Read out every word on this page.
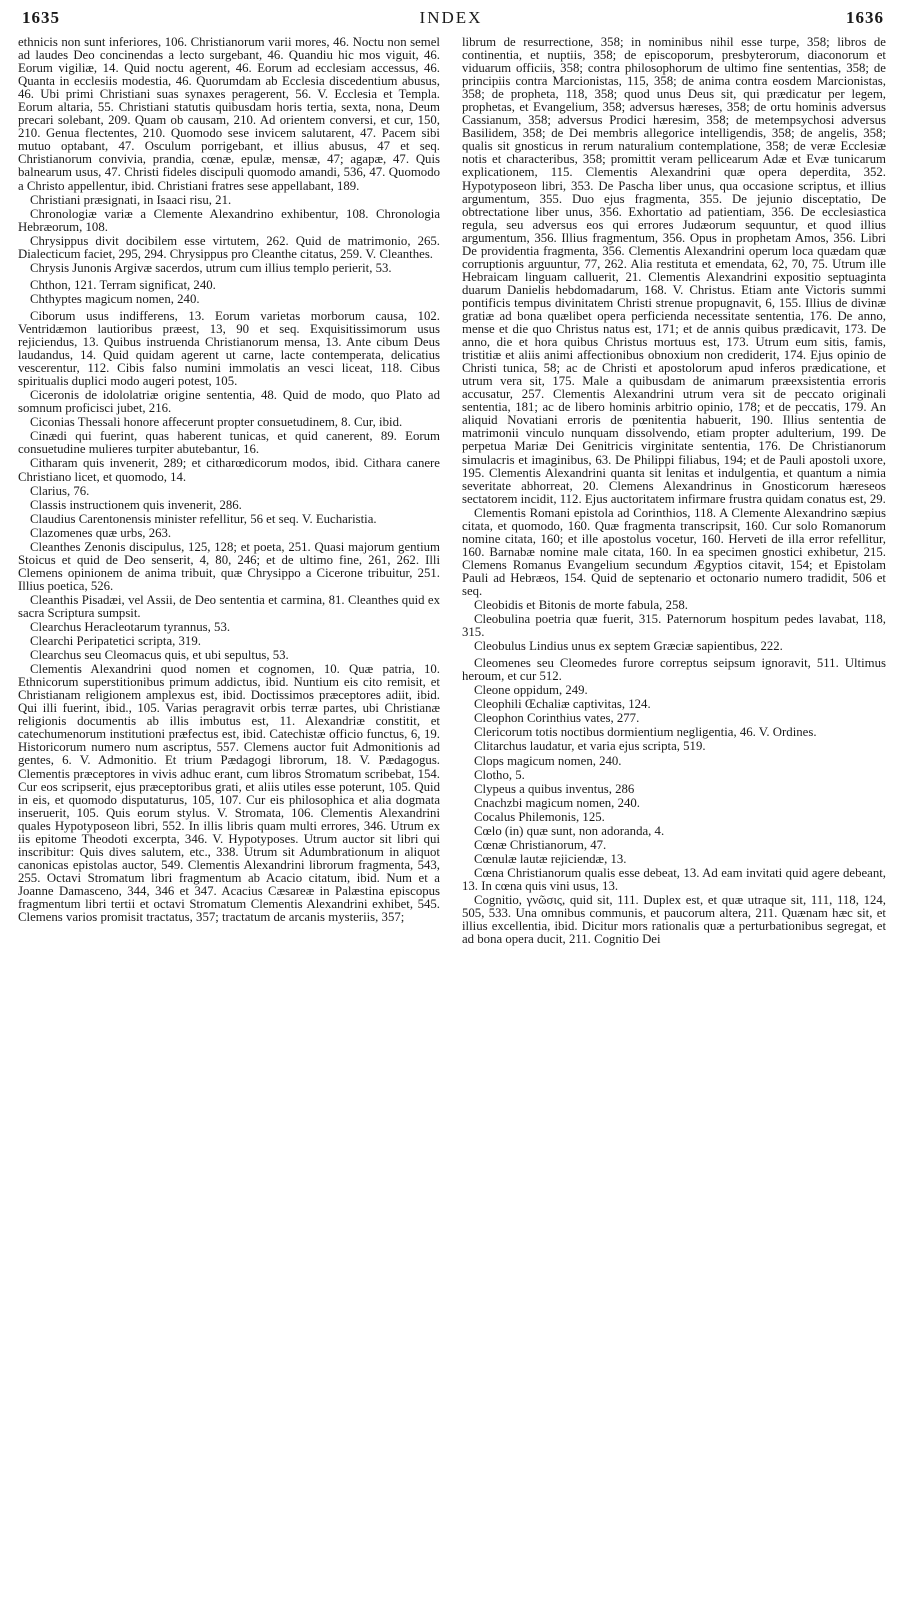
1635	INDEX	1636

ethnicis non sunt inferiores, 106. Christianorum varii mores, 46. Noctu non semel ad laudes Deo concinendas a lecto surgebant, 46. Quandiu hic mos viguit, 46. Eorum vigiliæ, 14. Quid noctu agerent, 46. Eorum ad ecclesiam accessus, 46. Quanta in ecclesiis modestia, 46. Quorumdam ab Ecclesia discedentium abusus, 46. Ubi primi Christiani suas synaxes peragerent, 56. V. Ecclesia et Templa. Eorum altaria, 55. Christiani statutis quibusdam horis tertia, sexta, nona, Deum precari solebant, 209. Quam ob causam, 210. Ad orientem conversi, et cur, 150, 210. Genua flectentes, 210. Quomodo sese invicem salutarent, 47. Pacem sibi mutuo optabant, 47. Osculum porrigebant, et illius abusus, 47 et seq. Christianorum convivia, prandia, cœnæ, epulæ, mensæ, 47; agapæ, 47. Quis balnearum usus, 47. Christi fideles discipuli quomodo amandi, 536, 47. Quomodo a Christo appellentur, ibid. Christiani fratres sese appellabant, 189.

Christiani præsignati, in Isaaci risu, 21.

Chronologiæ variæ a Clemente Alexandrino exhibentur, 108. Chronologia Hebræorum, 108.

Chrysippus divit docibilem esse virtutem, 262. Quid de matrimonio, 265. Dialecticum faciet, 295, 294. Chrysippus pro Cleanthe citatus, 259. V. Cleanthes.

Chrysis Junonis Argivæ sacerdos, utrum cum illius templo perierit, 53.

Chthon, 121. Terram significat, 240.

Chthyptes magicum nomen, 240.

Ciborum usus indifferens, 13. Eorum varietas morborum causa, 102. Ventridæmon lautioribus præest, 13, 90 et seq. Exquisitissimorum usus rejiciendus, 13. Quibus instruenda Christianorum mensa, 13. Ante cibum Deus laudandus, 14. Quid quidam agerent ut carne, lacte contemperata, delicatius vescerentur, 112. Cibis falso numini immolatis an vesci liceat, 118. Cibus spiritualis duplici modo augeri potest, 105.

Ciceronis de idololatriæ origine sententia, 48. Quid de modo, quo Plato ad somnum proficisci jubet, 216.

Ciconias Thessali honore affecerunt propter consuetudinem, 8. Cur, ibid.

Cinædi qui fuerint, quas haberent tunicas, et quid canerent, 89. Eorum consuetudine mulieres turpiter abutebantur, 16.

Citharam quis invenerit, 289; et citharœdicorum modos, ibid. Cithara canere Christiano licet, et quomodo, 14.

Clarius, 76.

Classis instructionem quis invenerit, 286.

Claudius Carentonensis minister refellitur, 56 et seq. V. Eucharistia.

Clazomenes quæ urbs, 263.

Cleanthes Zenonis discipulus, 125, 128; et poeta, 251. Quasi majorum gentium Stoicus et quid de Deo senserit, 4, 80, 246; et de ultimo fine, 261, 262. Illi Clemens opinionem de anima tribuit, quæ Chrysippo a Cicerone tribuitur, 251. Illius poetica, 526.

Cleanthis Pisadæi, vel Assii, de Deo sententia et carmina, 81. Cleanthes quid ex sacra Scriptura sumpsit.

Clearchus Heracleotarum tyrannus, 53.

Clearchi Peripatetici scripta, 319.

Clearchus seu Cleomacus quis, et ubi sepultus, 53.

Clementis Alexandrini quod nomen et cognomen, 10. Quæ patria, 10. Ethnicorum superstitionibus primum addictus, ibid. Nuntium eis cito remisit, et Christianam religionem amplexus est, ibid. Doctissimos præceptores adiit, ibid. Qui illi fuerint, ibid., 105. Varias peragravit orbis terræ partes, ubi Christianæ religionis documentis ab illis imbutus est, 11. Alexandriæ constitit, et catechumenorum institutioni præfectus est, ibid. Catechistæ officio functus, 6, 19. Historicorum numero num ascriptus, 557. Clemens auctor fuit Admonitionis ad gentes, 6. V. Admonitio. Et trium Pædagogi librorum, 18. V. Pædagogus. Clementis præceptores in vivis adhuc erant, cum libros Stromatum scribebat, 154. Cur eos scripserit, ejus præceptoribus grati, et aliis utiles esse poterunt, 105. Quid in eis, et quomodo disputaturus, 105, 107. Cur eis philosophica et alia dogmata inseruerit, 105. Quis eorum stylus. V. Stromata, 106. Clementis Alexandrini quales Hypotyposeon libri, 552. In illis libris quam multi errores, 346. Utrum ex iis epitome Theodoti excerpta, 346. V. Hypotyposes. Utrum auctor sit libri qui inscribitur: Quis dives salutem, etc., 338. Utrum sit Adumbrationum in aliquot canonicas epistolas auctor, 549. Clementis Alexandrini librorum fragmenta, 543, 255. Octavi Stromatum libri fragmentum ab Acacio citatum, ibid. Num et a Joanne Damasceno, 344, 346 et 347. Acacius Cæsareæ in Palæstina episcopus fragmentum libri tertii et octavi Stromatum Clementis Alexandrini exhibet, 545. Clemens varios promisit tractatus, 357; tractatum de arcanis mysteriis, 357;

librum de resurrectione, 358; in nominibus nihil esse turpe, 358; libros de continentia, et nuptiis, 358; de episcoporum, presbyterorum, diaconorum et viduarum officiis, 358; contra philosophorum de ultimo fine sententias, 358; de principiis contra Marcionistas, 115, 358; de anima contra eosdem Marcionistas, 358; de propheta, 118, 358; quod unus Deus sit, qui prædicatur per legem, prophetas, et Evangelium, 358; adversus hæreses, 358; de ortu hominis adversus Cassianum, 358; adversus Prodici hæresim, 358; de metempsychosi adversus Basilidem, 358; de Dei membris allegorice intelligendis, 358; de angelis, 358; qualis sit gnosticus in rerum naturalium contemplatione, 358; de veræ Ecclesiæ notis et characteribus, 358; promittit veram pellicearum Adæ et Evæ tunicarum explicationem, 115. Clementis Alexandrini quæ opera deperdita, 352. Hypotyposeon libri, 353. De Pascha liber unus, qua occasione scriptus, et illius argumentum, 355. Duo ejus fragmenta, 355. De jejunio disceptatio, De obtrectatione liber unus, 356. Exhortatio ad patientiam, 356. De ecclesiastica regula, seu adversus eos qui errores Judæorum sequuntur, et quod illius argumentum, 356. Illius fragmentum, 356. Opus in prophetam Amos, 356. Libri De providentia fragmenta, 356. Clementis Alexandrini operum loca quædam quæ corruptionis arguuntur, 77, 262. Alia restituta et emendata, 62, 70, 75. Utrum ille Hebraicam linguam calluerit, 21. Clementis Alexandrini expositio septuaginta duarum Danielis hebdomadarum, 168. V. Christus. Etiam ante Victoris summi pontificis tempus divinitatem Christi strenue propugnavit, 6, 155. Illius de divinæ gratiæ ad bona quælibet opera perficienda necessitate sententia, 176. De anno, mense et die quo Christus natus est, 171; et de annis quibus prædicavit, 173. De anno, die et hora quibus Christus mortuus est, 173. Utrum eum sitis, famis, tristitiæ et aliis animi affectionibus obnoxium non crediderit, 174. Ejus opinio de Christi tunica, 58; ac de Christi et apostolorum apud inferos prædicatione, et utrum vera sit, 175. Male a quibusdam de animarum præexsistentia erroris accusatur, 257. Clementis Alexandrini utrum vera sit de peccato originali sententia, 181; ac de libero hominis arbitrio opinio, 178; et de peccatis, 179. An aliquid Novatiani erroris de pœnitentia habuerit, 190. Illius sententia de matrimonii vinculo nunquam dissolvendo, etiam propter adulterium, 199. De perpetua Mariæ Dei Genitricis virginitate sententia, 176. De Christianorum simulacris et imaginibus, 63. De Philippi filiabus, 194; et de Pauli apostoli uxore, 195. Clementis Alexandrini quanta sit lenitas et indulgentia, et quantum a nimia severitate abhorreat, 20. Clemens Alexandrinus in Gnosticorum hæreseos sectatorem incidit, 112. Ejus auctoritatem infirmare frustra quidam conatus est, 29.

Clementis Romani epistola ad Corinthios, 118. A Clemente Alexandrino sæpius citata, et quomodo, 160. Quæ fragmenta transcripsit, 160. Cur solo Romanorum nomine citata, 160; et ille apostolus vocetur, 160. Herveti de illa error refellitur, 160. Barnabæ nomine male citata, 160. In ea specimen gnostici exhibetur, 215. Clemens Romanus Evangelium secundum Ægyptios citavit, 154; et Epistolam Pauli ad Hebræos, 154. Quid de septenario et octonario numero tradidit, 506 et seq.

Cleobidis et Bitonis de morte fabula, 258.

Cleobulina poetria quæ fuerit, 315. Paternorum hospitum pedes lavabat, 118, 315.

Cleobulus Lindius unus ex septem Græciæ sapientibus, 222.

Cleomenes seu Cleomedes furore correptus seipsum ignoravit, 511. Ultimus heroum, et cur 512.

Cleone oppidum, 249.

Cleophili Œchaliæ captivitas, 124.

Cleophon Corinthius vates, 277.

Clericorum totis noctibus dormientium negligentia, 46. V. Ordines.

Clitarchus laudatur, et varia ejus scripta, 519.

Clops magicum nomen, 240.

Clotho, 5.

Clypeus a quibus inventus, 286

Cnachzbi magicum nomen, 240.

Cocalus Philemonis, 125.

Cœlo (in) quæ sunt, non adoranda, 4.

Cœnæ Christianorum, 47.

Cœnulæ lautæ rejiciendæ, 13.

Cœna Christianorum qualis esse debeat, 13. Ad eam invitati quid agere debeant, 13. In cœna quis vini usus, 13.

Cognitio, γνῶσις, quid sit, 111. Duplex est, et quæ utraque sit, 111, 118, 124, 505, 533. Una omnibus communis, et paucorum altera, 211. Quænam hæc sit, et illius excellentia, ibid. Dicitur mors rationalis quæ a perturbationibus segregat, et ad bona opera ducit, 211. Cognitio Dei
